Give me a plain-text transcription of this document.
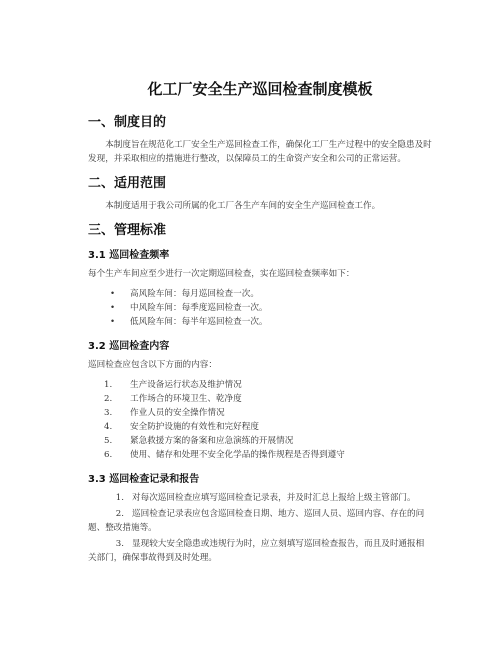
化工厂安全生产巡回检查制度模板
一、制度目的

本制度旨在规范化工厂安全生产巡回检查工作，确保化工厂生产过程中的安全隐患及时发现，并采取相应的措施进行整改，以保障员工的生命资产安全和公司的正常运营。

二、适用范围

本制度适用于我公司所属的化工厂各生产车间的安全生产巡回检查工作。

三、管理标准
3.1 巡回检查频率

每个生产车间应至少进行一次定期巡回检查，实在巡回检查频率如下：

• 高风险车间：每月巡回检查一次。
• 中风险车间：每季度巡回检查一次。
• 低风险车间：每半年巡回检查一次。
3.2 巡回检查内容

巡回检查应包含以下方面的内容：

1. 生产设备运行状态及维护情况
2. 工作场合的环境卫生、乾净度
3. 作业人员的安全操作情况
4. 安全防护设施的有效性和完好程度
5. 紧急救援方案的备案和应急演练的开展情况
6. 使用、储存和处理不安全化学品的操作规程是否得到遵守
3.3 巡回检查记录和报告
1. 对每次巡回检查应填写巡回检查记录表，并及时汇总上报给上级主管部门。
2. 巡回检查记录表应包含巡回检查日期、地方、巡回人员、巡回内容、存在的问题、整改措施等。
3. 显现较大安全隐患或违规行为时，应立刻填写巡回检查报告，而且及时通报相关部门，确保事故得到及时处理。
